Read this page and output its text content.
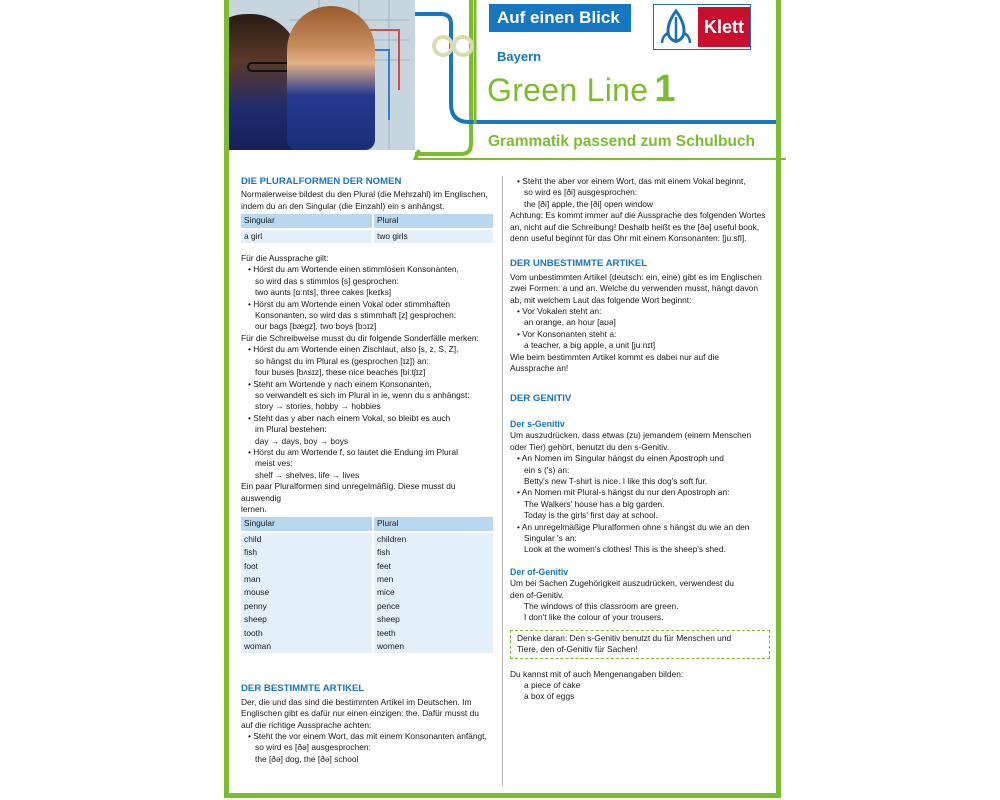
Auf einen Blick	Klett
Bayern
Green Line 1
Grammatik passend zum Schulbuch
DIE PLURALFORMEN DER NOMEN
Normalerweise bildest du den Plural (die Mehrzahl) im Englischen,
indem du an den Singular (die Einzahl) ein s anhängst.
Singular	Plural
a girl	two girls
Für die Aussprache gilt:
• Hörst du am Wortende einen stimmlosen Konsonanten,
so wird das s stimmlos [s] gesprochen:
two aunts [ɑːnts], three cakes [keɪks]
• Hörst du am Wortende einen Vokal oder stimmhaften
Konsonanten, so wird das s stimmhaft [z] gesprochen:
our bags [bægz], two boys [bɔɪz]
Für die Schreibweise musst du dir folgende Sonderfälle merken:
• Hörst du am Wortende einen Zischlaut, also [s, z, S, Z],
so hängst du im Plural es (gesprochen [ɪz]) an:
four buses [bʌsɪz], these nice beaches [biːtʃɪz]
• Steht am Wortende y nach einem Konsonanten,
so verwandelt es sich im Plural in ie, wenn du s anhängst:
story → stories, hobby → hobbies
• Steht das y aber nach einem Vokal, so bleibt es auch
im Plural bestehen:
day → days, boy → boys
• Hörst du am Wortende f, so lautet die Endung im Plural
meist ves:
shelf → shelves, life → lives
Ein paar Pluralformen sind unregelmäßig. Diese musst du auswendig
lernen.
Singular	Plural
child	children
fish	fish
foot	feet
man	men
mouse	mice
penny	pence
sheep	sheep
tooth	teeth
woman	women
DER BESTIMMTE ARTIKEL
Der, die und das sind die bestimmten Artikel im Deutschen. Im
Englischen gibt es dafür nur einen einzigen: the. Dafür musst du
auf die richtige Aussprache achten:
• Steht the vor einem Wort, das mit einem Konsonanten anfängt,
so wird es [ðə] ausgesprochen:
the [ðə] dog, the [ðə] school
• Steht the aber vor einem Wort, das mit einem Vokal beginnt,
so wird es [ði] ausgesprochen:
the [ði] apple, the [ði] open window
Achtung: Es kommt immer auf die Aussprache des folgenden Wortes
an, nicht auf die Schreibung! Deshalb heißt es the [ðə] useful book,
denn useful beginnt für das Ohr mit einem Konsonanten: [juːsfl].
DER UNBESTIMMTE ARTIKEL
Vom unbestimmten Artikel (deutsch: ein, eine) gibt es im Englischen
zwei Formen: a und an. Welche du verwenden musst, hängt davon
ab, mit welchem Laut das folgende Wort beginnt:
• Vor Vokalen steht an:
an orange, an hour [aʊə]
• Vor Konsonanten steht a:
a teacher, a big apple, a unit [juːnɪt]
Wie beim bestimmten Artikel kommt es dabei nur auf die
Aussprache an!
DER GENITIV
Der s-Genitiv
Um auszudrücken, dass etwas (zu) jemandem (einem Menschen
oder Tier) gehört, benutzt du den s-Genitiv.
• An Nomen im Singular hängst du einen Apostroph und
ein s ('s) an:
Betty's new T-shirt is nice. I like this dog's soft fur.
• An Nomen mit Plural-s hängst du nur den Apostroph an:
The Walkers' house has a big garden.
Today is the girls' first day at school.
• An unregelmäßige Pluralformen ohne s hängst du wie an den
Singular 's an:
Look at the women's clothes! This is the sheep's shed.
Der of-Genitiv
Um bei Sachen Zugehörigkeit auszudrücken, verwendest du
den of-Genitiv.
The windows of this classroom are green.
I don't like the colour of your trousers.
Denke daran: Den s-Genitiv benutzt du für Menschen und
Tiere, den of-Genitiv für Sachen!
Du kannst mit of auch Mengenangaben bilden:
a piece of cake
a box of eggs
